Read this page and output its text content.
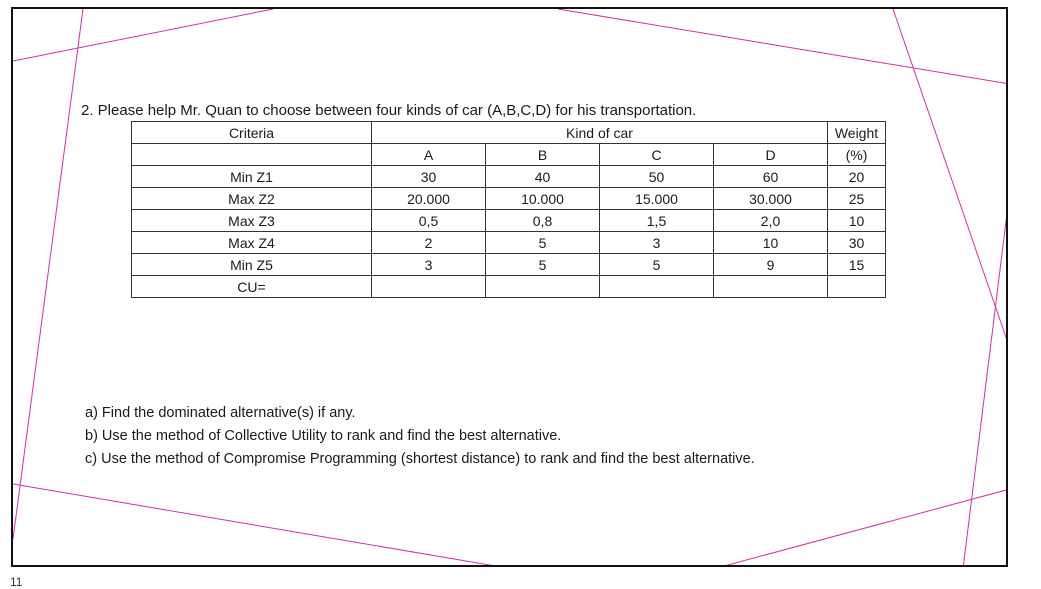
2. Please help Mr. Quan to choose between four kinds of car (A,B,C,D) for his transportation.

Criteria	Kind of car				Weight
	A	B	C	D	(%)
Min Z1	30	40	50	60	20
Max Z2	20.000	10.000	15.000	30.000	25
Max Z3	0,5	0,8	1,5	2,0	10
Max Z4	2	5	3	10	30
Min Z5	3	5	5	9	15
CU=					

a) Find the dominated alternative(s) if any.

b) Use the method of Collective Utility to rank and find the best alternative.

c) Use the method of Compromise Programming (shortest distance) to rank and find the best alternative.

11
